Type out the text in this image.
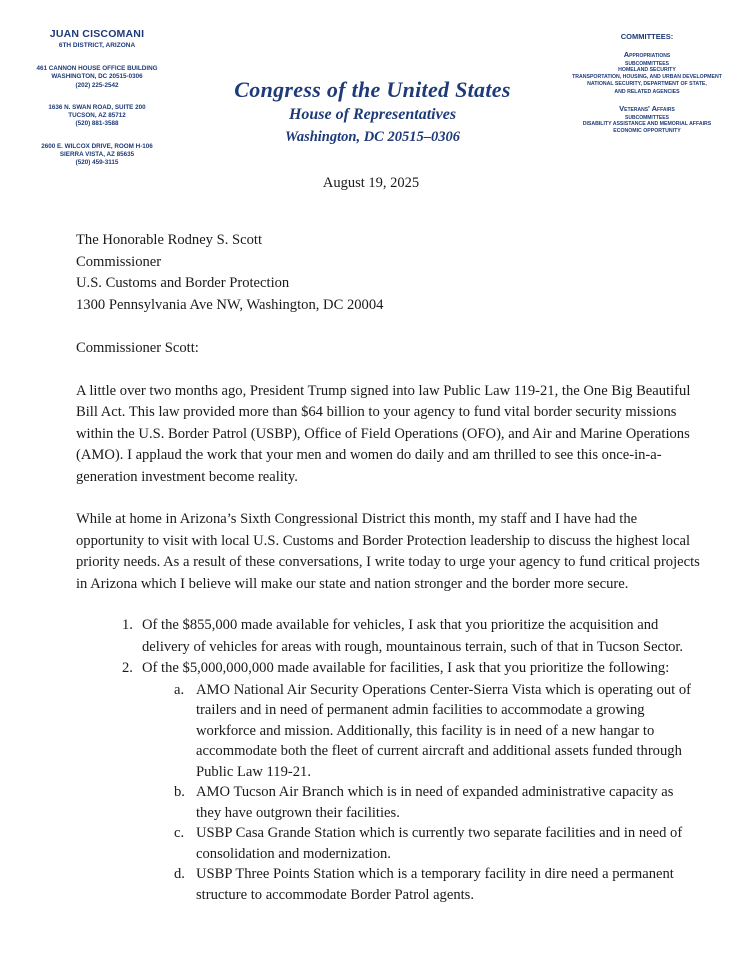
JUAN CISCOMANI
6TH DISTRICT, ARIZONA
461 CANNON HOUSE OFFICE BUILDING
WASHINGTON, DC 20515-0306
(202) 225-2542
1636 N. SWAN ROAD, SUITE 200
TUCSON, AZ 85712
(520) 881-3588
2600 E. WILCOX DRIVE, ROOM H-106
SIERRA VISTA, AZ 85635
(520) 459-3115
Congress of the United States
House of Representatives
Washington, DC 20515–0306
COMMITTEES:
Appropriations
SUBCOMMITTEES
HOMELAND SECURITY
TRANSPORTATION, HOUSING, AND URBAN DEVELOPMENT
NATIONAL SECURITY, DEPARTMENT OF STATE,
AND RELATED AGENCIES
Veterans' Affairs
SUBCOMMITTEES
DISABILITY ASSISTANCE AND MEMORIAL AFFAIRS
ECONOMIC OPPORTUNITY
August 19, 2025
The Honorable Rodney S. Scott
Commissioner
U.S. Customs and Border Protection
1300 Pennsylvania Ave NW, Washington, DC 20004

Commissioner Scott:

A little over two months ago, President Trump signed into law Public Law 119-21, the One Big Beautiful Bill Act. This law provided more than $64 billion to your agency to fund vital border security missions within the U.S. Border Patrol (USBP), Office of Field Operations (OFO), and Air and Marine Operations (AMO). I applaud the work that your men and women do daily and am thrilled to see this once-in-a-generation investment become reality.

While at home in Arizona’s Sixth Congressional District this month, my staff and I have had the opportunity to visit with local U.S. Customs and Border Protection leadership to discuss the highest local priority needs. As a result of these conversations, I write today to urge your agency to fund critical projects in Arizona which I believe will make our state and nation stronger and the border more secure.

1. Of the $855,000 made available for vehicles, I ask that you prioritize the acquisition and delivery of vehicles for areas with rough, mountainous terrain, such of that in Tucson Sector.
2. Of the $5,000,000,000 made available for facilities, I ask that you prioritize the following:
a. AMO National Air Security Operations Center-Sierra Vista which is operating out of trailers and in need of permanent admin facilities to accommodate a growing workforce and mission. Additionally, this facility is in need of a new hangar to accommodate both the fleet of current aircraft and additional assets funded through Public Law 119-21.
b. AMO Tucson Air Branch which is in need of expanded administrative capacity as they have outgrown their facilities.
c. USBP Casa Grande Station which is currently two separate facilities and in need of consolidation and modernization.
d. USBP Three Points Station which is a temporary facility in dire need a permanent structure to accommodate Border Patrol agents.
